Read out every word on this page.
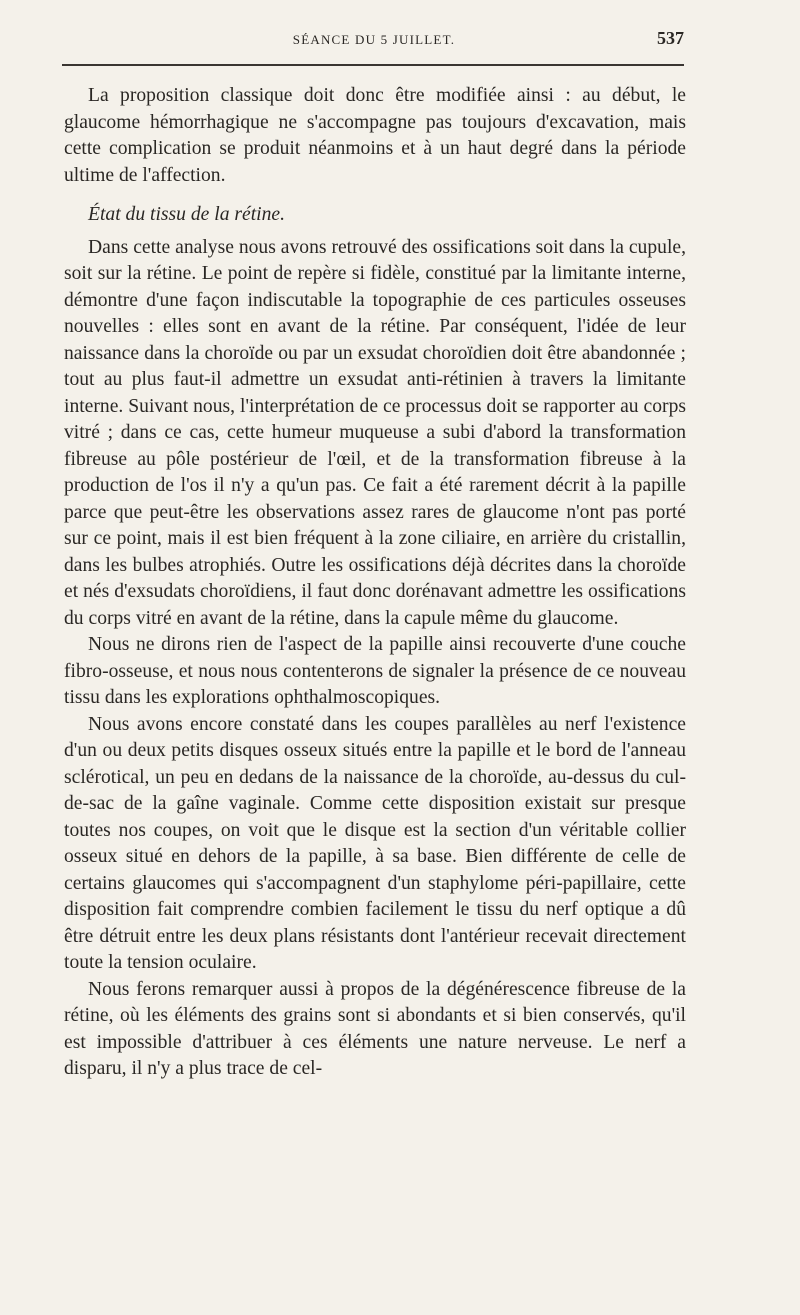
SÉANCE DU 5 JUILLET.	537

La proposition classique doit donc être modifiée ainsi : au début, le glaucome hémorrhagique ne s'accompagne pas toujours d'excavation, mais cette complication se produit néanmoins et à un haut degré dans la période ultime de l'affection.

État du tissu de la rétine.

Dans cette analyse nous avons retrouvé des ossifications soit dans la cupule, soit sur la rétine. Le point de repère si fidèle, constitué par la limitante interne, démontre d'une façon indiscutable la topographie de ces particules osseuses nouvelles : elles sont en avant de la rétine. Par conséquent, l'idée de leur naissance dans la choroïde ou par un exsudat choroïdien doit être abandonnée ; tout au plus faut-il admettre un exsudat anti-rétinien à travers la limitante interne. Suivant nous, l'interprétation de ce processus doit se rapporter au corps vitré ; dans ce cas, cette humeur muqueuse a subi d'abord la transformation fibreuse au pôle postérieur de l'œil, et de la transformation fibreuse à la production de l'os il n'y a qu'un pas. Ce fait a été rarement décrit à la papille parce que peut-être les observations assez rares de glaucome n'ont pas porté sur ce point, mais il est bien fréquent à la zone ciliaire, en arrière du cristallin, dans les bulbes atrophiés. Outre les ossifications déjà décrites dans la choroïde et nés d'exsudats choroïdiens, il faut donc dorénavant admettre les ossifications du corps vitré en avant de la rétine, dans la capule même du glaucome.

Nous ne dirons rien de l'aspect de la papille ainsi recouverte d'une couche fibro-osseuse, et nous nous contenterons de signaler la présence de ce nouveau tissu dans les explorations ophthalmoscopiques.

Nous avons encore constaté dans les coupes parallèles au nerf l'existence d'un ou deux petits disques osseux situés entre la papille et le bord de l'anneau sclérotical, un peu en dedans de la naissance de la choroïde, au-dessus du cul-de-sac de la gaîne vaginale. Comme cette disposition existait sur presque toutes nos coupes, on voit que le disque est la section d'un véritable collier osseux situé en dehors de la papille, à sa base. Bien différente de celle de certains glaucomes qui s'accompagnent d'un staphylome péri-papillaire, cette disposition fait comprendre combien facilement le tissu du nerf optique a dû être détruit entre les deux plans résistants dont l'antérieur recevait directement toute la tension oculaire.

Nous ferons remarquer aussi à propos de la dégénérescence fibreuse de la rétine, où les éléments des grains sont si abondants et si bien conservés, qu'il est impossible d'attribuer à ces éléments une nature nerveuse. Le nerf a disparu, il n'y a plus trace de cel-
